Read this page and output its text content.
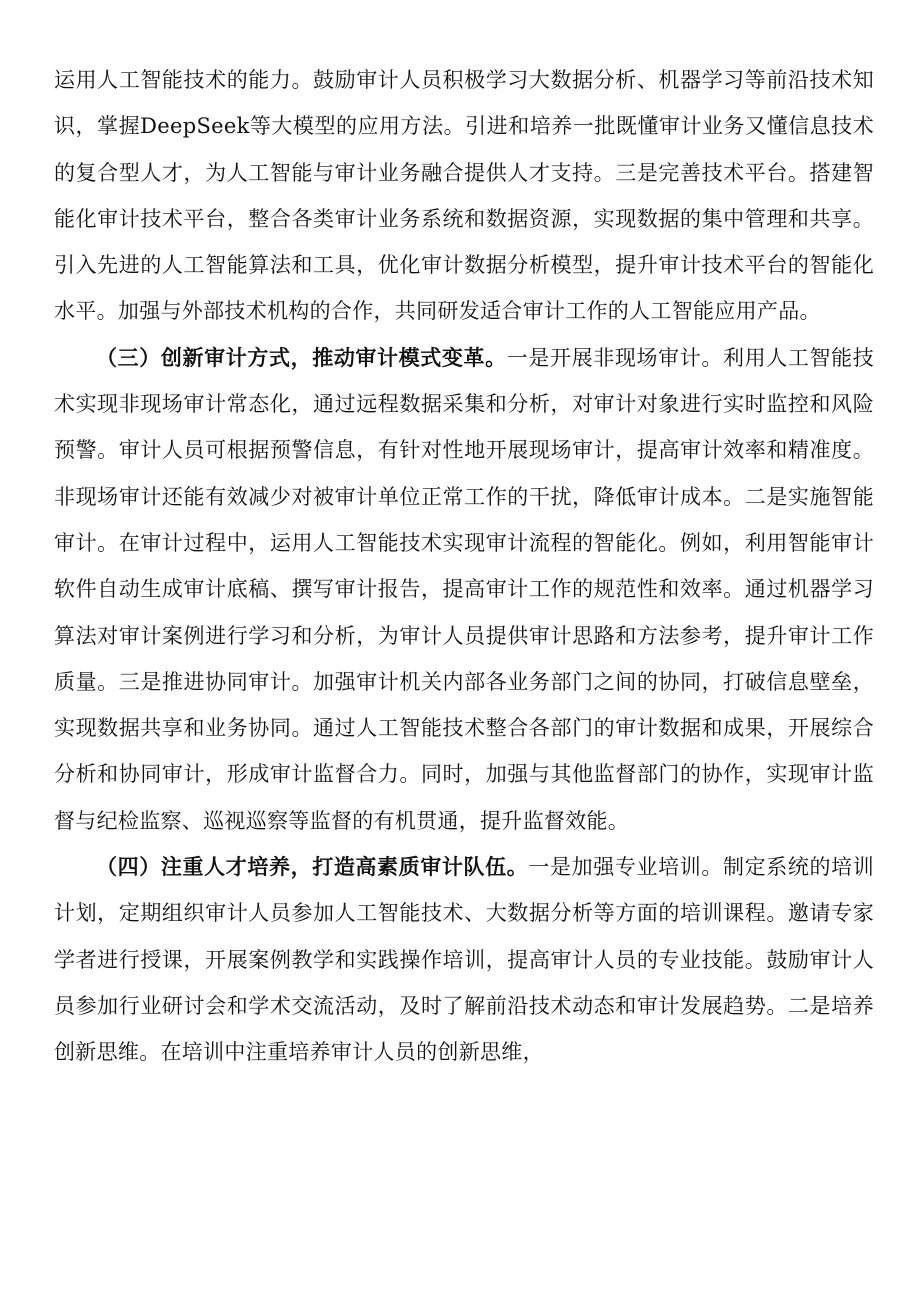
运用人工智能技术的能力。鼓励审计人员积极学习大数据分析、机器学习等前沿技术知识，掌握DeepSeek等大模型的应用方法。引进和培养一批既懂审计业务又懂信息技术的复合型人才，为人工智能与审计业务融合提供人才支持。三是完善技术平台。搭建智能化审计技术平台，整合各类审计业务系统和数据资源，实现数据的集中管理和共享。引入先进的人工智能算法和工具，优化审计数据分析模型，提升审计技术平台的智能化水平。加强与外部技术机构的合作，共同研发适合审计工作的人工智能应用产品。

（三）创新审计方式，推动审计模式变革。一是开展非现场审计。利用人工智能技术实现非现场审计常态化，通过远程数据采集和分析，对审计对象进行实时监控和风险预警。审计人员可根据预警信息，有针对性地开展现场审计，提高审计效率和精准度。非现场审计还能有效减少对被审计单位正常工作的干扰，降低审计成本。二是实施智能审计。在审计过程中，运用人工智能技术实现审计流程的智能化。例如，利用智能审计软件自动生成审计底稿、撰写审计报告，提高审计工作的规范性和效率。通过机器学习算法对审计案例进行学习和分析，为审计人员提供审计思路和方法参考，提升审计工作质量。三是推进协同审计。加强审计机关内部各业务部门之间的协同，打破信息壁垒，实现数据共享和业务协同。通过人工智能技术整合各部门的审计数据和成果，开展综合分析和协同审计，形成审计监督合力。同时，加强与其他监督部门的协作，实现审计监督与纪检监察、巡视巡察等监督的有机贯通，提升监督效能。

（四）注重人才培养，打造高素质审计队伍。一是加强专业培训。制定系统的培训计划，定期组织审计人员参加人工智能技术、大数据分析等方面的培训课程。邀请专家学者进行授课，开展案例教学和实践操作培训，提高审计人员的专业技能。鼓励审计人员参加行业研讨会和学术交流活动，及时了解前沿技术动态和审计发展趋势。二是培养创新思维。在培训中注重培养审计人员的创新思维，
